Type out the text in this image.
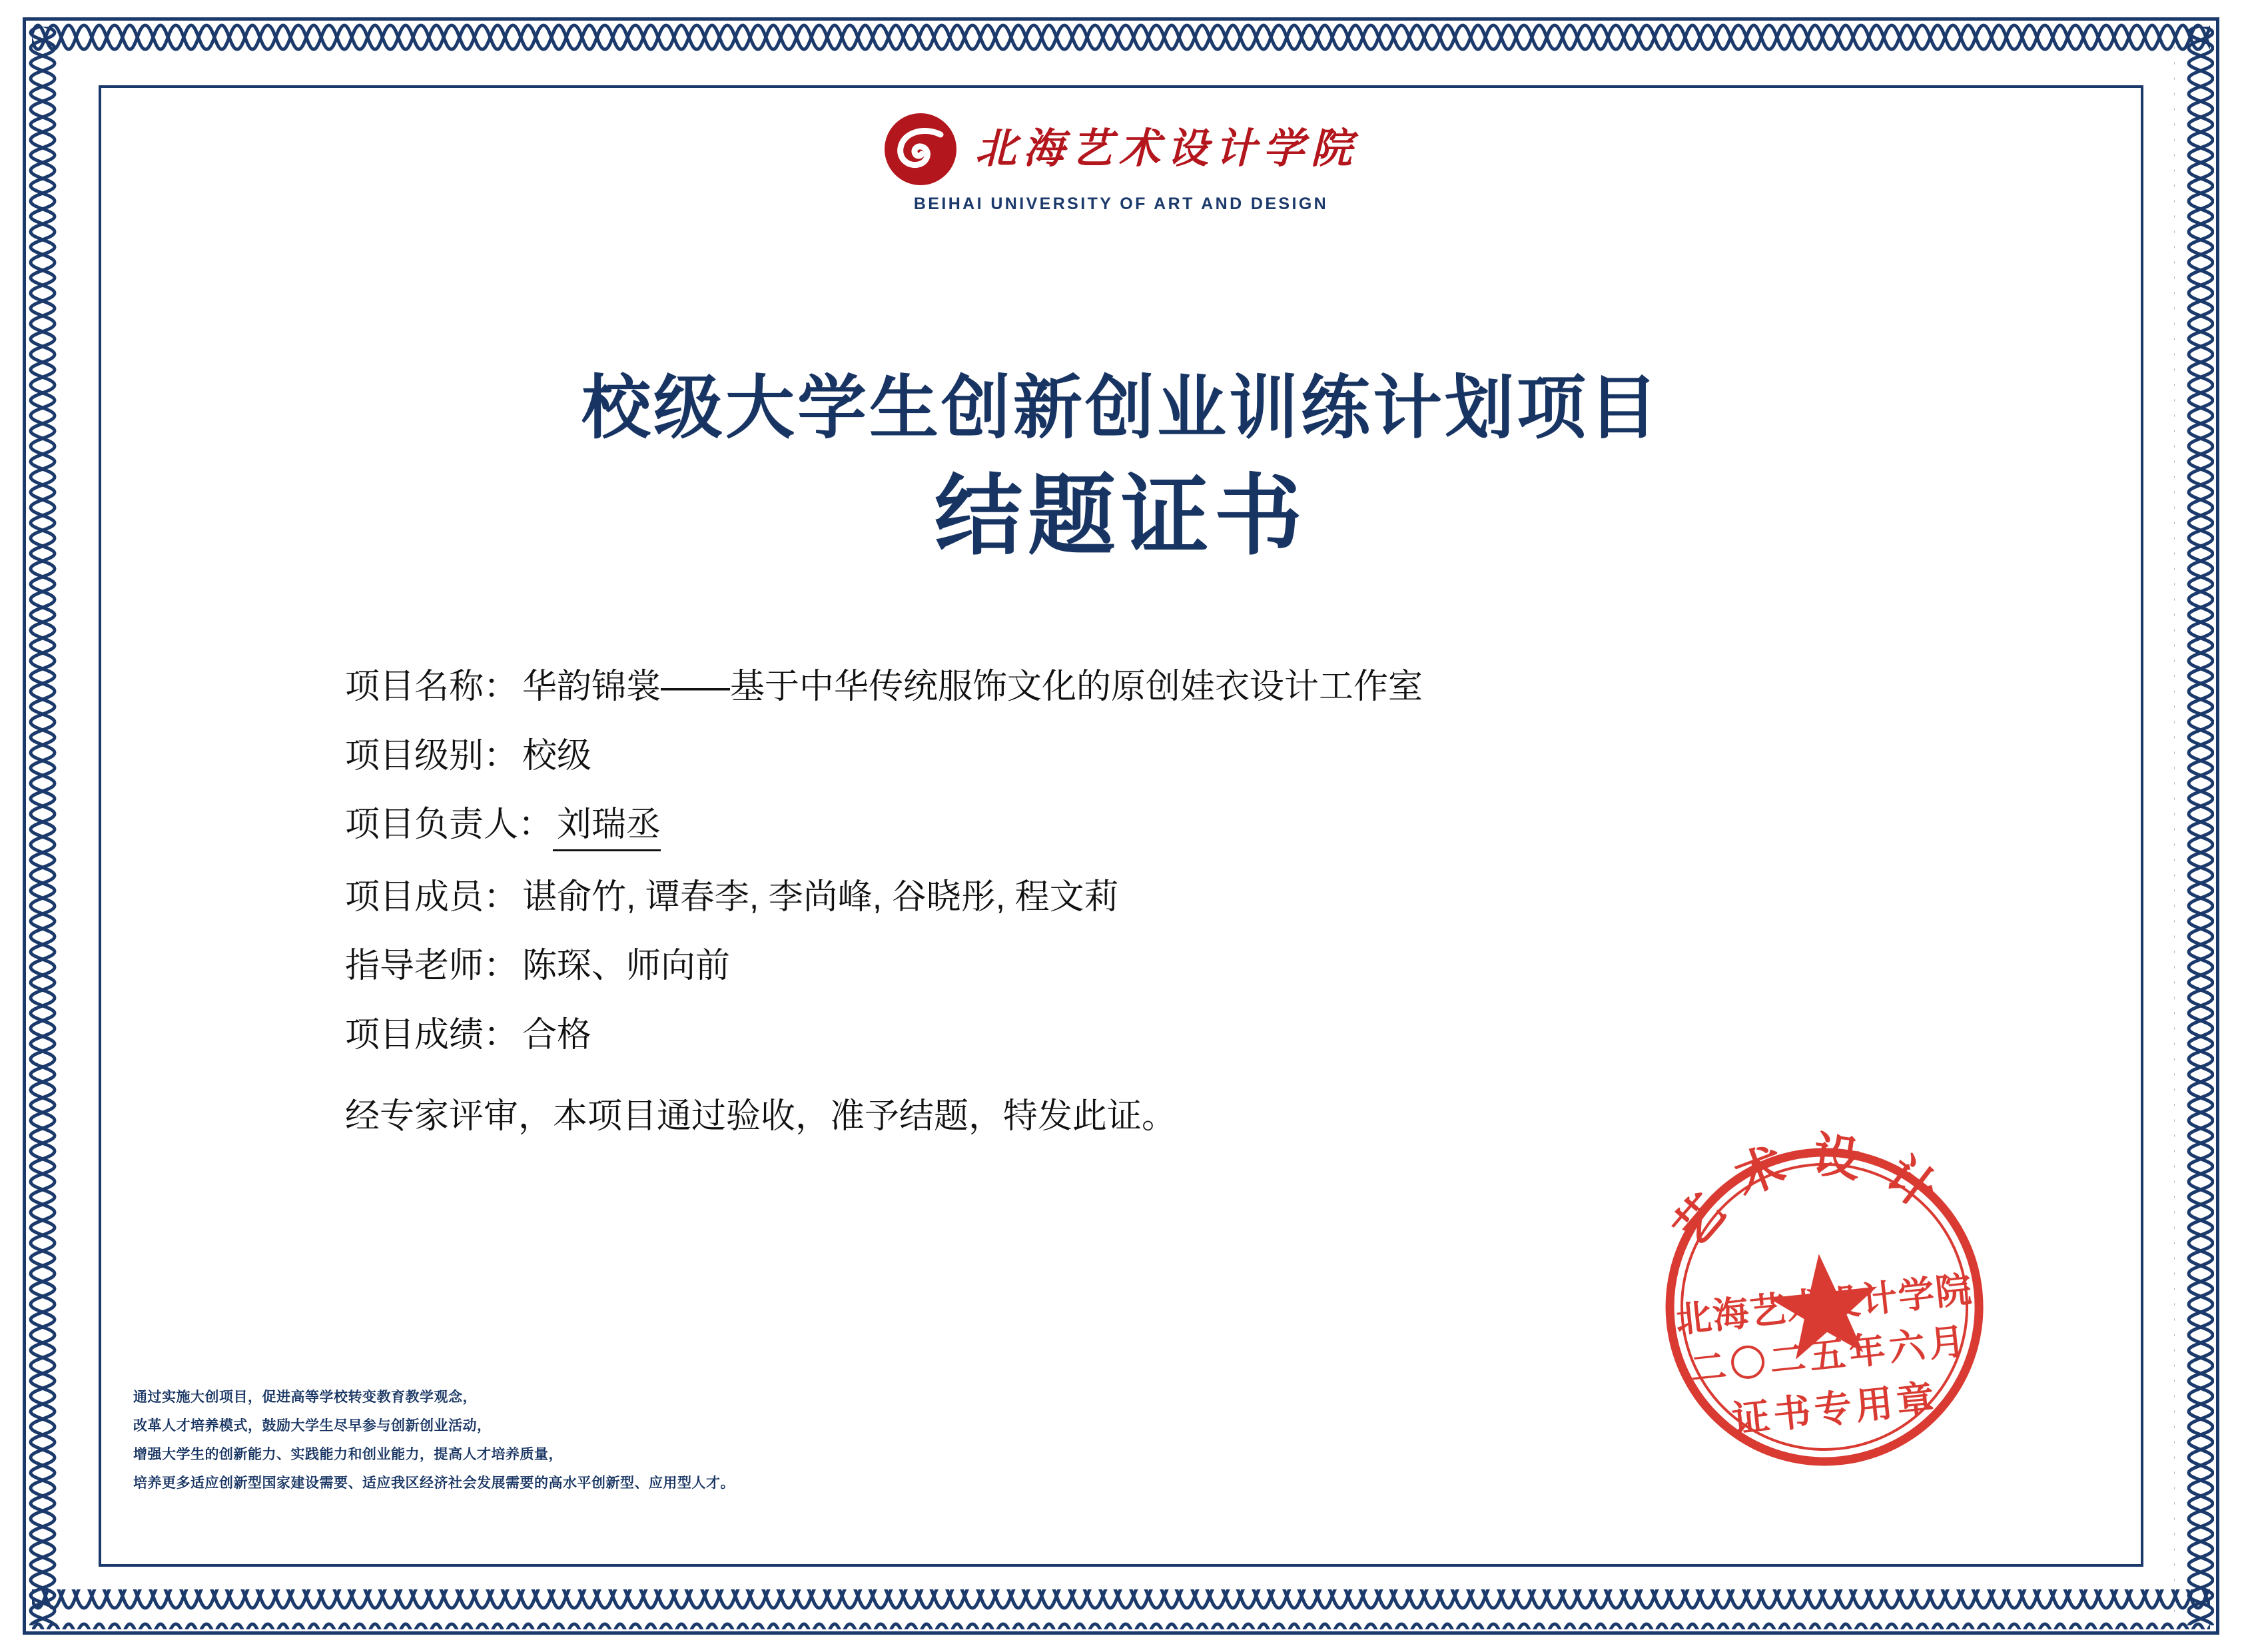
北海艺术设计学院
BEIHAI UNIVERSITY OF ART AND DESIGN
校级大学生创新创业训练计划项目
结题证书
项目名称： 华韵锦裳——基于中华传统服饰文化的原创娃衣设计工作室
项目级别： 校级
项目负责人： 刘瑞丞
项目成员： 谌俞竹, 谭春李, 李尚峰, 谷晓彤, 程文莉
指导老师： 陈琛、师向前
项目成绩： 合格
经专家评审，本项目通过验收，准予结题，特发此证。
通过实施大创项目，促进高等学校转变教育教学观念，
改革人才培养模式，鼓励大学生尽早参与创新创业活动，
增强大学生的创新能力、实践能力和创业能力，提高人才培养质量，
培养更多适应创新型国家建设需要、适应我区经济社会发展需要的高水平创新型、应用型人才。
艺术设计
北海艺术设计学院
二〇二五年六月
证书专用章
